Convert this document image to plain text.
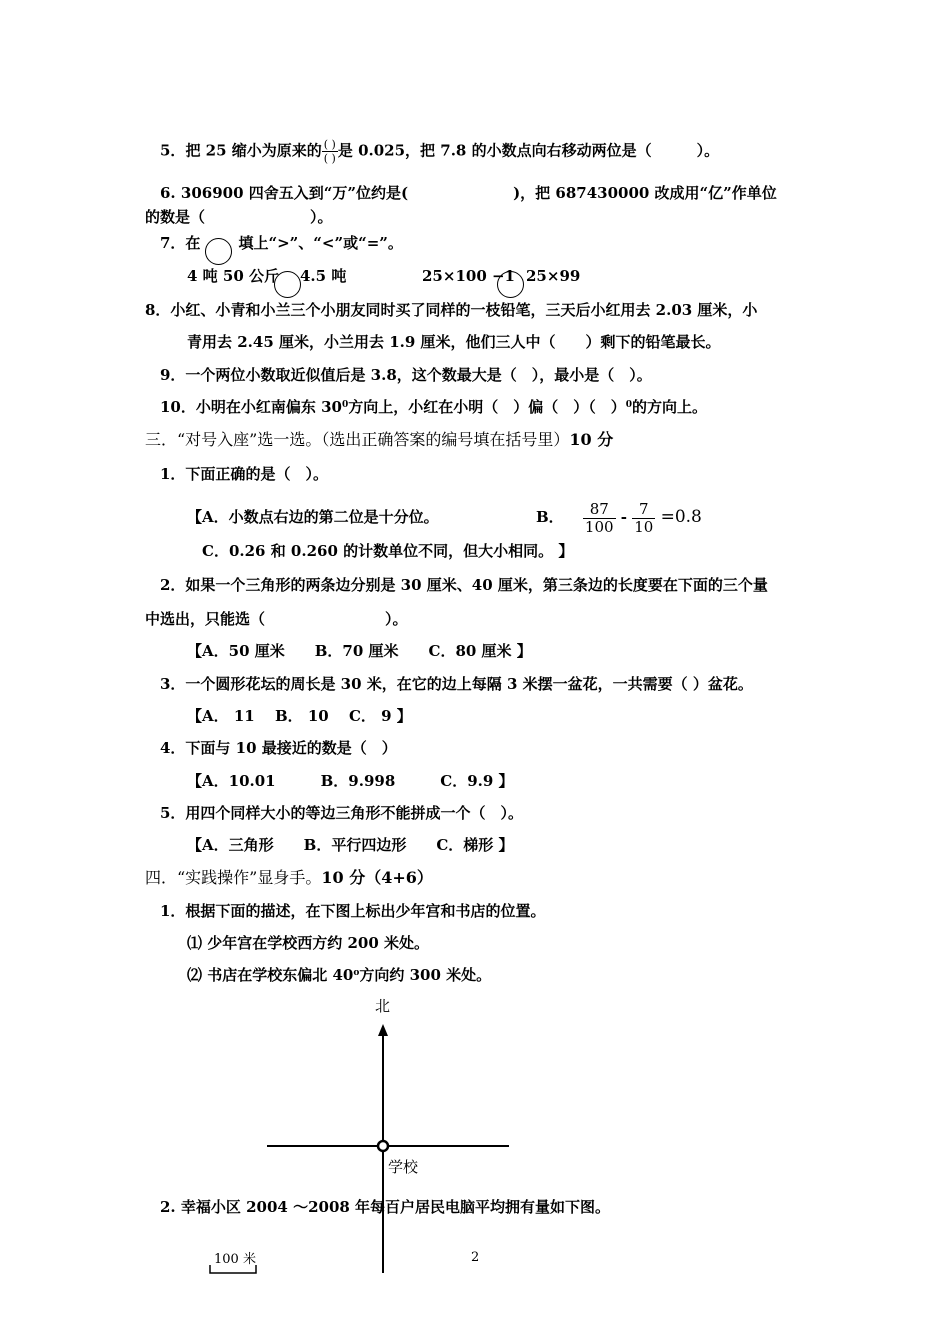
5．把 25 缩小为原来的 $\frac{( )}{( )}$是 0.025，把 7.8 的小数点向右移动两位是（　　　）。
6. 306900 四舍五入到“万”位约是(　　　　　　　)，把 687430000 改成用“亿”作单位
的数是（　　　　　　　）。
7．在	填上“>”、“<”或“=”。
4 吨 50 公斤 4.5 吨	25×100 −1 25×99
8．小红、小青和小兰三个小朋友同时买了同样的一枝铅笔，三天后小红用去 2.03 厘米，小
青用去 2.45 厘米，小兰用去 1.9 厘米，他们三人中（　　）剩下的铅笔最长。
9．一个两位小数取近似值后是 3.8，这个数最大是（　），最小是（　）。
10．小明在小红南偏东 $30^0$方向上，小红在小明（　）偏（　）（　）$^0$的方向上。
三．“对号入座”选一选。（选出正确答案的编号填在括号里）10 分
1．下面正确的是（　）。
【A．小数点右边的第二位是十分位。	B． $\frac{87}{100} - \frac{7}{10} =0.8$
C．0.26 和 0.260 的计数单位不同，但大小相同。 】
2．如果一个三角形的两条边分别是 30 厘米、40 厘米，第三条边的长度要在下面的三个量
中选出，只能选（　　　　　　　　）。
【A．50 厘米　　B．70 厘米　　C．80 厘米 】
3．一个圆形花坛的周长是 30 米，在它的边上每隔 3 米摆一盆花，一共需要（ ）盆花。
【A． 11　 B． 10　 C． 9 】
4．下面与 10 最接近的数是（　）
【A．10.01　　　B．9.998　　　C．9.9 】
5．用四个同样大小的等边三角形不能拼成一个（　）。
【A．三角形　　B．平行四边形　　C．梯形 】
四．“实践操作”显身手。10 分（4+6）
1．根据下面的描述，在下图上标出少年宫和书店的位置。
⑴ 少年宫在学校西方约 200 米处。
⑵ 书店在学校东偏北 40$^o$方向约 300 米处。
北
学校
2. 幸福小区 2004 ～2008 年每百户居民电脑平均拥有量如下图。
100 米	2
